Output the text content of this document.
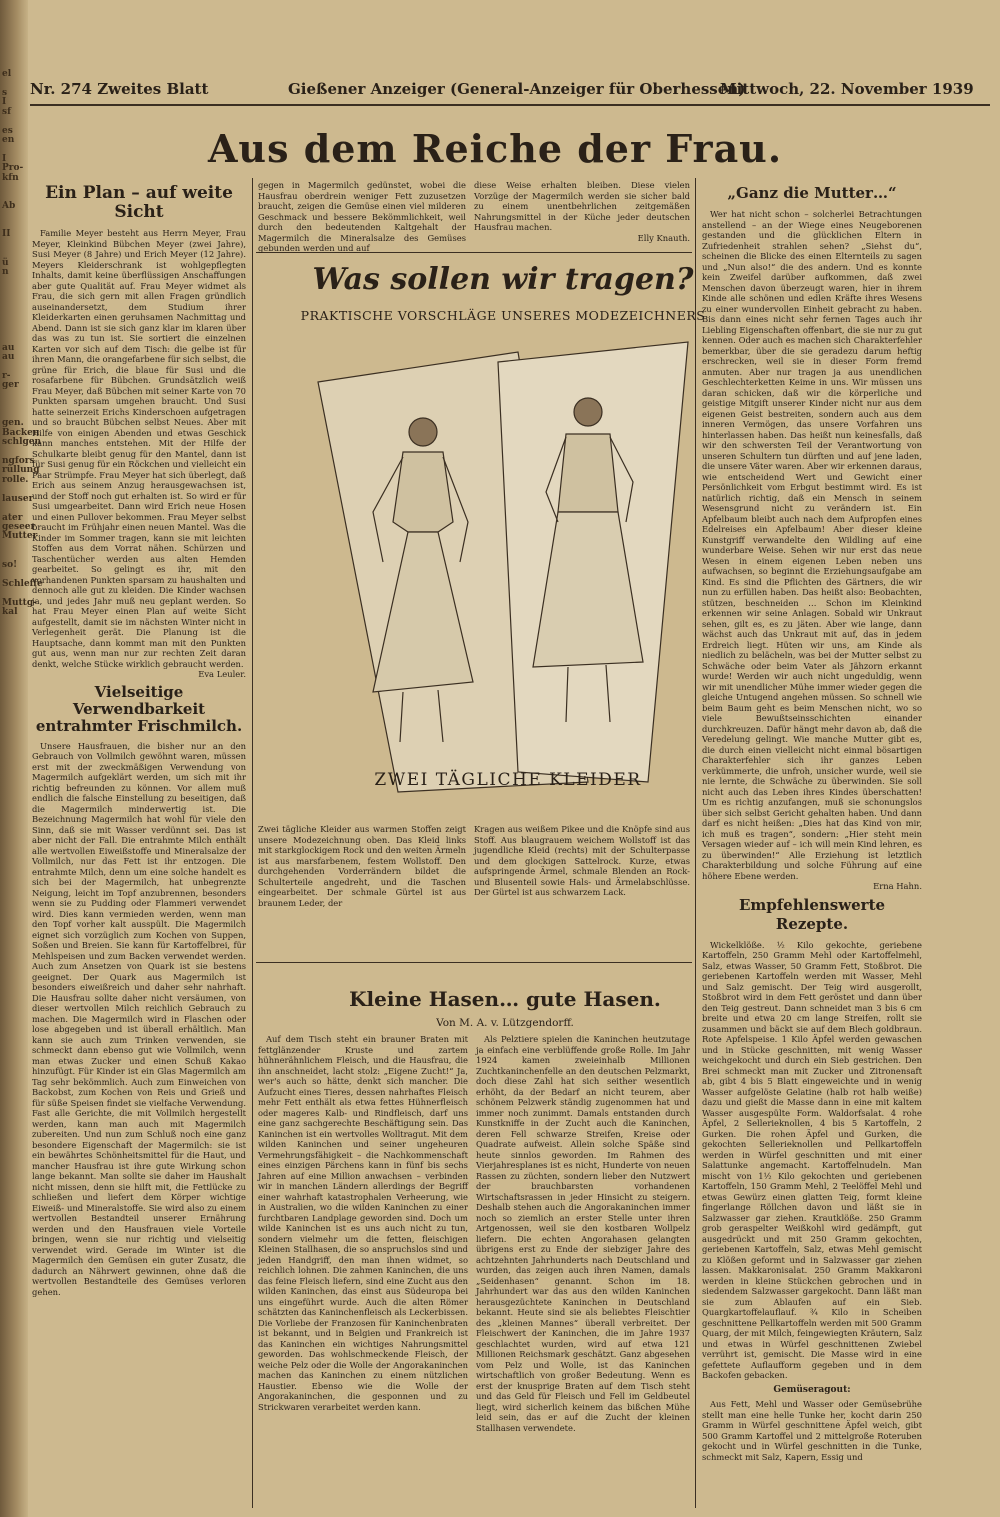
el

s
I
sf

es
en

I
Pro-
kfn

Ab

II

ü
n

au
au

r-
ger

gen.
Backen
schlgen

ngfors
rüllung
rolle.

lauser

ater
geseer
Mutter

so!

Schleffe

Muttg-
kal
Nr. 274 Zweites Blatt	Gießener Anzeiger (General-Anzeiger für Oberhessen)
Mittwoch, 22. November 1939
Aus dem Reiche der Frau.
Ein Plan – auf weite Sicht

Familie Meyer besteht aus Herrn Meyer, Frau Meyer, Kleinkind Bübchen Meyer (zwei Jahre), Susi Meyer (8 Jahre) und Erich Meyer (12 Jahre). Meyers Kleiderschrank ist wohlgepflegten Inhalts, damit keine überflüssigen Anschaffungen aber gute Qualität auf. Frau Meyer widmet als Frau, die sich gern mit allen Fragen gründlich auseinandersetzt, dem Studium ihrer Kleiderkarten einen geruhsamen Nachmittag und Abend. Dann ist sie sich ganz klar im klaren über das was zu tun ist. Sie sortiert die einzelnen Karten vor sich auf dem Tisch: die gelbe ist für ihren Mann, die orangefarbene für sich selbst, die grüne für Erich, die blaue für Susi und die rosafarbene für Bübchen. Grundsätzlich weiß Frau Meyer, daß Bübchen mit seiner Karte von 70 Punkten sparsam umgehen braucht. Und Susi hatte seinerzeit Erichs Kinderschoen aufgetragen und so braucht Bübchen selbst Neues. Aber mit Hilfe von einigen Abenden und etwas Geschick kann manches entstehen. Mit der Hilfe der Schulkarte bleibt genug für den Mantel, dann ist für Susi genug für ein Röckchen und vielleicht ein Paar Strümpfe. Frau Meyer hat sich überlegt, daß Erich aus seinem Anzug herausgewachsen ist, und der Stoff noch gut erhalten ist. So wird er für Susi umgearbeitet. Dann wird Erich neue Hosen und einen Pullover bekommen. Frau Meyer selbst braucht im Frühjahr einen neuen Mantel. Was die Kinder im Sommer tragen, kann sie mit leichten Stoffen aus dem Vorrat nähen. Schürzen und Taschentücher werden aus alten Hemden gearbeitet. So gelingt es ihr, mit den vorhandenen Punkten sparsam zu haushalten und dennoch alle gut zu kleiden. Die Kinder wachsen ja, und jedes Jahr muß neu geplant werden. So hat Frau Meyer einen Plan auf weite Sicht aufgestellt, damit sie im nächsten Winter nicht in Verlegenheit gerät. Die Planung ist die Hauptsache, dann kommt man mit den Punkten gut aus, wenn man nur zur rechten Zeit daran denkt, welche Stücke wirklich gebraucht werden.

Eva Leuler.
Vielseitige Verwendbarkeit entrahmter Frischmilch.

Unsere Hausfrauen, die bisher nur an den Gebrauch von Vollmilch gewöhnt waren, müssen erst mit der zweckmäßigen Verwendung von Magermilch aufgeklärt werden, um sich mit ihr richtig befreunden zu können. Vor allem muß endlich die falsche Einstellung zu beseitigen, daß die Magermilch minderwertig ist. Die Bezeichnung Magermilch hat wohl für viele den Sinn, daß sie mit Wasser verdünnt sei. Das ist aber nicht der Fall. Die entrahmte Milch enthält alle wertvollen Eiweißstoffe und Mineralsalze der Vollmilch, nur das Fett ist ihr entzogen. Die entrahmte Milch, denn um eine solche handelt es sich bei der Magermilch, hat unbegrenzte Neigung, leicht im Topf anzubrennen, besonders wenn sie zu Pudding oder Flammeri verwendet wird. Dies kann vermieden werden, wenn man den Topf vorher kalt ausspült. Die Magermilch eignet sich vorzüglich zum Kochen von Suppen, Soßen und Breien. Sie kann für Kartoffelbrei, für Mehlspeisen und zum Backen verwendet werden. Auch zum Ansetzen von Quark ist sie bestens geeignet. Der Quark aus Magermilch ist besonders eiweißreich und daher sehr nahrhaft. Die Hausfrau sollte daher nicht versäumen, von dieser wertvollen Milch reichlich Gebrauch zu machen. Die Magermilch wird in Flaschen oder lose abgegeben und ist überall erhältlich. Man kann sie auch zum Trinken verwenden, sie schmeckt dann ebenso gut wie Vollmilch, wenn man etwas Zucker und einen Schuß Kakao hinzufügt. Für Kinder ist ein Glas Magermilch am Tag sehr bekömmlich. Auch zum Einweichen von Backobst, zum Kochen von Reis und Grieß und für süße Speisen findet sie vielfache Verwendung. Fast alle Gerichte, die mit Vollmilch hergestellt werden, kann man auch mit Magermilch zubereiten. Und nun zum Schluß noch eine ganz besondere Eigenschaft der Magermilch: sie ist ein bewährtes Schönheitsmittel für die Haut, und mancher Hausfrau ist ihre gute Wirkung schon lange bekannt. Man sollte sie daher im Haushalt nicht missen, denn sie hilft mit, die Fettlücke zu schließen und liefert dem Körper wichtige Eiweiß- und Mineralstoffe. Sie wird also zu einem wertvollen Bestandteil unserer Ernährung werden und den Hausfrauen viele Vorteile bringen, wenn sie nur richtig und vielseitig verwendet wird. Gerade im Winter ist die Magermilch den Gemüsen ein guter Zusatz, die dadurch an Nährwert gewinnen, ohne daß die wertvollen Bestandteile des Gemüses verloren gehen.

gegen in Magermilch gedünstet, wobei die Hausfrau oberdrein weniger Fett zuzusetzen braucht, zeigen die Gemüse einen viel milderen Geschmack und bessere Bekömmlichkeit, weil durch den bedeutenden Kaltgehalt der Magermilch die Mineralsalze des Gemüses gebunden werden und auf

diese Weise erhalten bleiben. Diese vielen Vorzüge der Magermilch werden sie sicher bald zu einem unentbehrlichen zeitgemäßen Nahrungsmittel in der Küche jeder deutschen Hausfrau machen.

Elly Knauth.
Was sollen wir tragen?
PRAKTISCHE VORSCHLÄGE UNSERES MODEZEICHNERS
ZWEI TÄGLICHE KLEIDER
Zwei tägliche Kleider aus warmen Stoffen zeigt unsere Modezeichnung oben. Das Kleid links mit starkglockigem Rock und den weiten Ärmeln ist aus marsfarbenem, festem Wollstoff. Den durchgehenden Vorderrändern bildet die Schulterteile angedreht, und die Taschen eingearbeitet. Der schmale Gürtel ist aus braunem Leder, der
Kragen aus weißem Pikee und die Knöpfe sind aus Stoff. Aus blaugrauem weichem Wollstoff ist das jugendliche Kleid (rechts) mit der Schulterpasse und dem glockigen Sattelrock. Kurze, etwas aufspringende Ärmel, schmale Blenden an Rock- und Blusenteil sowie Hals- und Ärmelabschlüsse. Der Gürtel ist aus schwarzem Lack.
Kleine Hasen… gute Hasen.
Von M. A. v. Lützgendorff.

Auf dem Tisch steht ein brauner Braten mit fettglänzender Kruste und zartem hühnerähnlichem Fleisch, und die Hausfrau, die ihn anschneidet, lacht stolz: „Eigene Zucht!“ Ja, wer's auch so hätte, denkt sich mancher. Die Aufzucht eines Tieres, dessen nahrhaftes Fleisch mehr Fett enthält als etwa fettes Hühnerfleisch oder mageres Kalb- und Rindfleisch, darf uns eine ganz sachgerechte Beschäftigung sein. Das Kaninchen ist ein wertvolles Wolltragut. Mit dem wilden Kaninchen und seiner ungeheuren Vermehrungsfähigkeit – die Nachkommenschaft eines einzigen Pärchens kann in fünf bis sechs Jahren auf eine Million anwachsen – verbinden wir in manchen Ländern allerdings der Begriff einer wahrhaft katastrophalen Verheerung, wie in Australien, wo die wilden Kaninchen zu einer furchtbaren Landplage geworden sind. Doch um wilde Kaninchen ist es uns auch nicht zu tun, sondern vielmehr um die fetten, fleischigen Kleinen Stallhasen, die so anspruchslos sind und jeden Handgriff, den man ihnen widmet, so reichlich lohnen. Die zahmen Kaninchen, die uns das feine Fleisch liefern, sind eine Zucht aus den wilden Kaninchen, das einst aus Südeuropa bei uns eingeführt wurde. Auch die alten Römer schätzten das Kaninchenfleisch als Leckerbissen. Die Vorliebe der Franzosen für Kaninchenbraten ist bekannt, und in Belgien und Frankreich ist das Kaninchen ein wichtiges Nahrungsmittel geworden. Das wohlschmeckende Fleisch, der weiche Pelz oder die Wolle der Angorakaninchen machen das Kaninchen zu einem nützlichen Haustier. Ebenso wie die Wolle der Angorakaninchen, die gesponnen und zu Strickwaren verarbeitet werden kann.

Als Pelztiere spielen die Kaninchen heutzutage ja einfach eine verblüffende große Rolle. Im Jahr 1924 kamen zweieinhalb Millionen Zuchtkaninchenfelle an den deutschen Pelzmarkt, doch diese Zahl hat sich seither wesentlich erhöht, da der Bedarf an nicht teurem, aber schönem Pelzwerk ständig zugenommen hat und immer noch zunimmt. Damals entstanden durch Kunstkniffe in der Zucht auch die Kaninchen, deren Fell schwarze Streifen, Kreise oder Quadrate aufweist. Allein solche Späße sind heute sinnlos geworden. Im Rahmen des Vierjahresplanes ist es nicht, Hunderte von neuen Rassen zu züchten, sondern lieber den Nutzwert der brauchbarsten vorhandenen Wirtschaftsrassen in jeder Hinsicht zu steigern. Deshalb stehen auch die Angorakaninchen immer noch so ziemlich an erster Stelle unter ihren Artgenossen, weil sie den kostbaren Wollpelz liefern. Die echten Angorahasen gelangten übrigens erst zu Ende der siebziger Jahre des achtzehnten Jahrhunderts nach Deutschland und wurden, das zeigen auch ihren Namen, damals „Seidenhasen“ genannt. Schon im 18. Jahrhundert war das aus den wilden Kaninchen herausgezüchtete Kaninchen in Deutschland bekannt. Heute sind sie als beliebtes Fleischtier des „kleinen Mannes“ überall verbreitet. Der Fleischwert der Kaninchen, die im Jahre 1937 geschlachtet wurden, wird auf etwa 121 Millionen Reichsmark geschätzt. Ganz abgesehen vom Pelz und Wolle, ist das Kaninchen wirtschaftlich von großer Bedeutung. Wenn es erst der knusprige Braten auf dem Tisch steht und das Geld für Fleisch und Fell im Geldbeutel liegt, wird sicherlich keinem das bißchen Mühe leid sein, das er auf die Zucht der kleinen Stallhasen verwendete.

„Ganz die Mutter…“

Wer hat nicht schon – solcherlei Betrachtungen anstellend – an der Wiege eines Neugeborenen gestanden und die glücklichen Eltern in Zufriedenheit strahlen sehen? „Siehst du“, scheinen die Blicke des einen Elternteils zu sagen und „Nun also!“ die des andern. Und es konnte kein Zweifel darüber aufkommen, daß zwei Menschen davon überzeugt waren, hier in ihrem Kinde alle schönen und edlen Kräfte ihres Wesens zu einer wundervollen Einheit gebracht zu haben. Bis dann eines nicht sehr fernen Tages auch ihr Liebling Eigenschaften offenbart, die sie nur zu gut kennen. Oder auch es machen sich Charakterfehler bemerkbar, über die sie geradezu darum heftig erschrecken, weil sie in dieser Form fremd anmuten. Aber nur tragen ja aus unendlichen Geschlechterketten Keime in uns. Wir müssen uns daran schicken, daß wir die körperliche und geistige Mitgift unserer Kinder nicht nur aus dem eigenen Geist bestreiten, sondern auch aus dem inneren Vermögen, das unsere Vorfahren uns hinterlassen haben. Das heißt nun keinesfalls, daß wir den schwersten Teil der Verantwortung von unseren Schultern tun dürften und auf jene laden, die unsere Väter waren. Aber wir erkennen daraus, wie entscheidend Wert und Gewicht einer Persönlichkeit vom Erbgut bestimmt wird. Es ist natürlich richtig, daß ein Mensch in seinem Wesensgrund nicht zu verändern ist. Ein Apfelbaum bleibt auch nach dem Aufpropfen eines Edelreises ein Apfelbaum! Aber dieser kleine Kunstgriff verwandelte den Wildling auf eine wunderbare Weise. Sehen wir nur erst das neue Wesen in einem eigenen Leben neben uns aufwachsen, so beginnt die Erziehungsaufgabe am Kind. Es sind die Pflichten des Gärtners, die wir nun zu erfüllen haben. Das heißt also: Beobachten, stützen, beschneiden … Schon im Kleinkind erkennen wir seine Anlagen. Sobald wir Unkraut sehen, gilt es, es zu jäten. Aber wie lange, dann wächst auch das Unkraut mit auf, das in jedem Erdreich liegt. Hüten wir uns, am Kinde als niedlich zu belächeln, was bei der Mutter selbst zu Schwäche oder beim Vater als Jähzorn erkannt wurde! Werden wir auch nicht ungeduldig, wenn wir mit unendlicher Mühe immer wieder gegen die gleiche Untugend angehen müssen. So schnell wie beim Baum geht es beim Menschen nicht, wo so viele Bewußtseinsschichten einander durchkreuzen. Dafür hängt mehr davon ab, daß die Veredelung gelingt. Wie manche Mutter gibt es, die durch einen vielleicht nicht einmal bösartigen Charakterfehler sich ihr ganzes Leben verkümmerte, die unfroh, unsicher wurde, weil sie nie lernte, die Schwäche zu überwinden. Sie soll nicht auch das Leben ihres Kindes überschatten! Um es richtig anzufangen, muß sie schonungslos über sich selbst Gericht gehalten haben. Und dann darf es nicht heißen: „Dies hat das Kind von mir, ich muß es tragen“, sondern: „Hier steht mein Versagen wieder auf – ich will mein Kind lehren, es zu überwinden!“ Alle Erziehung ist letztlich Charakterbildung und solche Führung auf eine höhere Ebene werden.

Erna Hahn.
Empfehlenswerte Rezepte.

Wickelklöße. ½ Kilo gekochte, geriebene Kartoffeln, 250 Gramm Mehl oder Kartoffelmehl, Salz, etwas Wasser, 50 Gramm Fett, Stoßbrot. Die geriebenen Kartoffeln werden mit Wasser, Mehl und Salz gemischt. Der Teig wird ausgerollt, Stoßbrot wird in dem Fett geröstet und dann über den Teig gestreut. Dann schneidet man 3 bis 6 cm breite und etwa 20 cm lange Streifen, rollt sie zusammen und bäckt sie auf dem Blech goldbraun. Rote Apfelspeise. 1 Kilo Äpfel werden gewaschen und in Stücke geschnitten, mit wenig Wasser weichgekocht und durch ein Sieb gestrichen. Den Brei schmeckt man mit Zucker und Zitronensaft ab, gibt 4 bis 5 Blatt eingeweichte und in wenig Wasser aufgelöste Gelatine (halb rot halb weiße) dazu und gießt die Masse dann in eine mit kaltem Wasser ausgespülte Form. Waldorfsalat. 4 rohe Äpfel, 2 Sellerieknollen, 4 bis 5 Kartoffeln, 2 Gurken. Die rohen Äpfel und Gurken, die gekochten Sellerieknollen und Pellkartoffeln werden in Würfel geschnitten und mit einer Salattunke angemacht. Kartoffelnudeln. Man mischt von 1½ Kilo gekochten und geriebenen Kartoffeln, 150 Gramm Mehl, 2 Teelöffel Mehl und etwas Gewürz einen glatten Teig, formt kleine fingerlange Röllchen davon und läßt sie in Salzwasser gar ziehen. Krautklöße. 250 Gramm grob geraspelter Weißkohl wird gedämpft, gut ausgedrückt und mit 250 Gramm gekochten, geriebenen Kartoffeln, Salz, etwas Mehl gemischt zu Klößen geformt und in Salzwasser gar ziehen lassen. Makkaronisalat. 250 Gramm Makkaroni werden in kleine Stückchen gebrochen und in siedendem Salzwasser gargekocht. Dann läßt man sie zum Ablaufen auf ein Sieb. Quargkartoffelauflauf. ¾ Kilo in Scheiben geschnittene Pellkartoffeln werden mit 500 Gramm Quarg, der mit Milch, feingewiegten Kräutern, Salz und etwas in Würfel geschnittenen Zwiebel verrührt ist, gemischt. Die Masse wird in eine gefettete Auflaufform gegeben und in dem Backofen gebacken.

Gemüseragout:

Aus Fett, Mehl und Wasser oder Gemüsebrühe stellt man eine helle Tunke her, kocht darin 250 Gramm in Würfel geschnittene Äpfel weich, gibt 500 Gramm Kartoffel und 2 mittelgroße Roteruben gekocht und in Würfel geschnitten in die Tunke, schmeckt mit Salz, Kapern, Essig und
